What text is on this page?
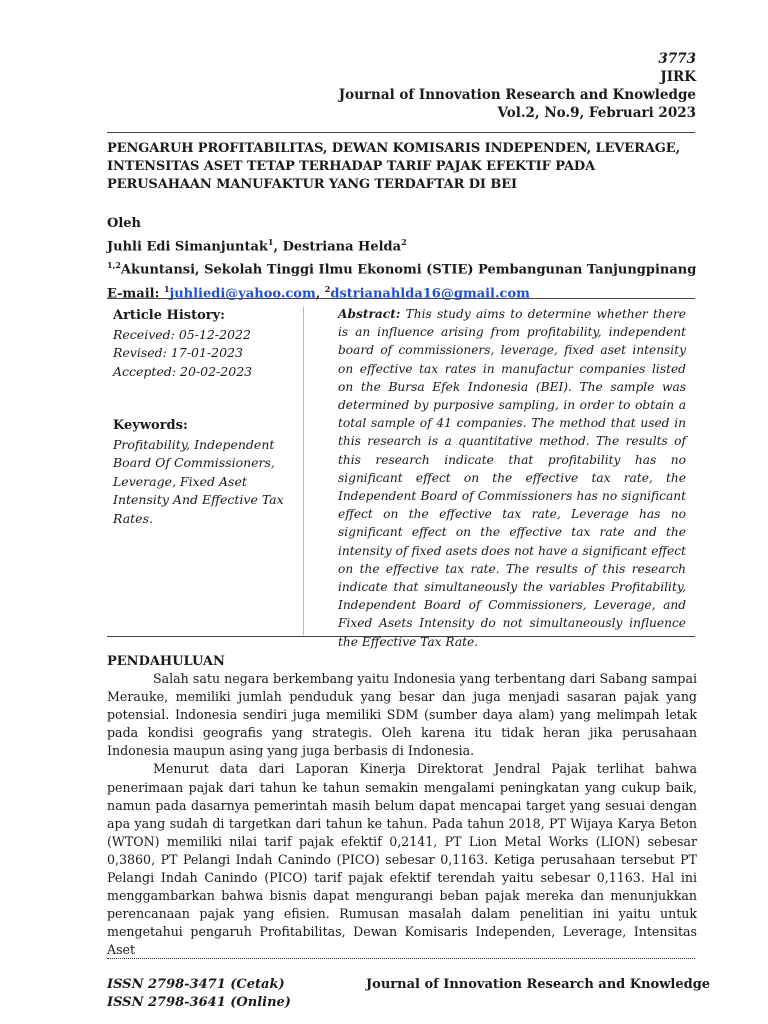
3773
JIRK
Journal of Innovation Research and Knowledge
Vol.2, No.9, Februari 2023
PENGARUH PROFITABILITAS, DEWAN KOMISARIS INDEPENDEN, LEVERAGE, INTENSITAS ASET TETAP TERHADAP TARIF PAJAK EFEKTIF PADA PERUSAHAAN MANUFAKTUR YANG TERDAFTAR DI BEI
Oleh
Juhli Edi Simanjuntak$^1$, Destriana Helda$^2$
$^{1,2}$Akuntansi, Sekolah Tinggi Ilmu Ekonomi (STIE) Pembangunan Tanjungpinang
E-mail: $^1$juhliedi@yahoo.com, $^2$dstrianahlda16@gmail.com
Article History:
Received: 05-12-2022
Revised: 17-01-2023
Accepted: 20-02-2023
Keywords:
Profitability, Independent Board Of Commissioners, Leverage, Fixed Aset Intensity And Effective Tax Rates.
Abstract: This study aims to determine whether there is an influence arising from profitability, independent board of commissioners, leverage, fixed aset intensity on effective tax rates in manufactur companies listed on the Bursa Efek Indonesia (BEI). The sample was determined by purposive sampling, in order to obtain a total sample of 41 companies. The method that used in this research is a quantitative method. The results of this research indicate that profitability has no significant effect on the effective tax rate, the Independent Board of Commissioners has no significant effect on the effective tax rate, Leverage has no significant effect on the effective tax rate and the intensity of fixed asets does not have a significant effect on the effective tax rate. The results of this research indicate that simultaneously the variables Profitability, Independent Board of Commissioners, Leverage, and Fixed Asets Intensity do not simultaneously influence the Effective Tax Rate.
PENDAHULUAN

Salah satu negara berkembang yaitu Indonesia yang terbentang dari Sabang sampai Merauke, memiliki jumlah penduduk yang besar dan juga menjadi sasaran pajak yang potensial. Indonesia sendiri juga memiliki SDM (sumber daya alam) yang melimpah letak pada kondisi geografis yang strategis. Oleh karena itu tidak heran jika perusahaan Indonesia maupun asing yang juga berbasis di Indonesia.

Menurut data dari Laporan Kinerja Direktorat Jendral Pajak terlihat bahwa penerimaan pajak dari tahun ke tahun semakin mengalami peningkatan yang cukup baik, namun pada dasarnya pemerintah masih belum dapat mencapai target yang sesuai dengan apa yang sudah di targetkan dari tahun ke tahun. Pada tahun 2018, PT Wijaya Karya Beton (WTON) memiliki nilai tarif pajak efektif 0,2141, PT Lion Metal Works (LION) sebesar 0,3860, PT Pelangi Indah Canindo (PICO) sebesar 0,1163. Ketiga perusahaan tersebut PT Pelangi Indah Canindo (PICO) tarif pajak efektif terendah yaitu sebesar 0,1163. Hal ini menggambarkan bahwa bisnis dapat mengurangi beban pajak mereka dan menunjukkan perencanaan pajak yang efisien. Rumusan masalah dalam penelitian ini yaitu untuk mengetahui pengaruh Profitabilitas, Dewan Komisaris Independen, Leverage, Intensitas Aset

ISSN 2798-3471 (Cetak)
ISSN 2798-3641 (Online)
Journal of Innovation Research and Knowledge
